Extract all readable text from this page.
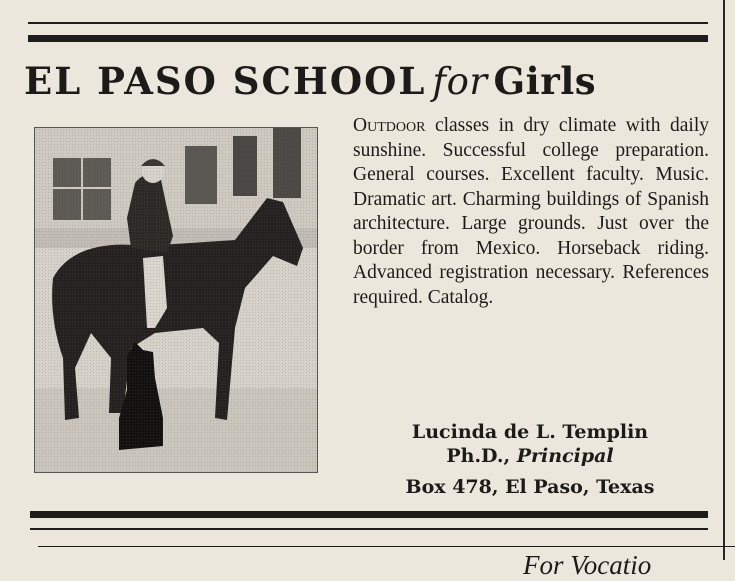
EL PASO SCHOOL for Girls
Outdoor classes in dry climate with daily sunshine. Successful college preparation. General courses. Excellent faculty. Music. Dramatic art. Charming buildings of Spanish architecture. Large grounds. Just over the border from Mexico. Horseback riding. Advanced registration necessary. References required. Catalog.
Lucinda de L. Templin
Ph.D., Principal
Box 478, El Paso, Texas
For Vocatio
